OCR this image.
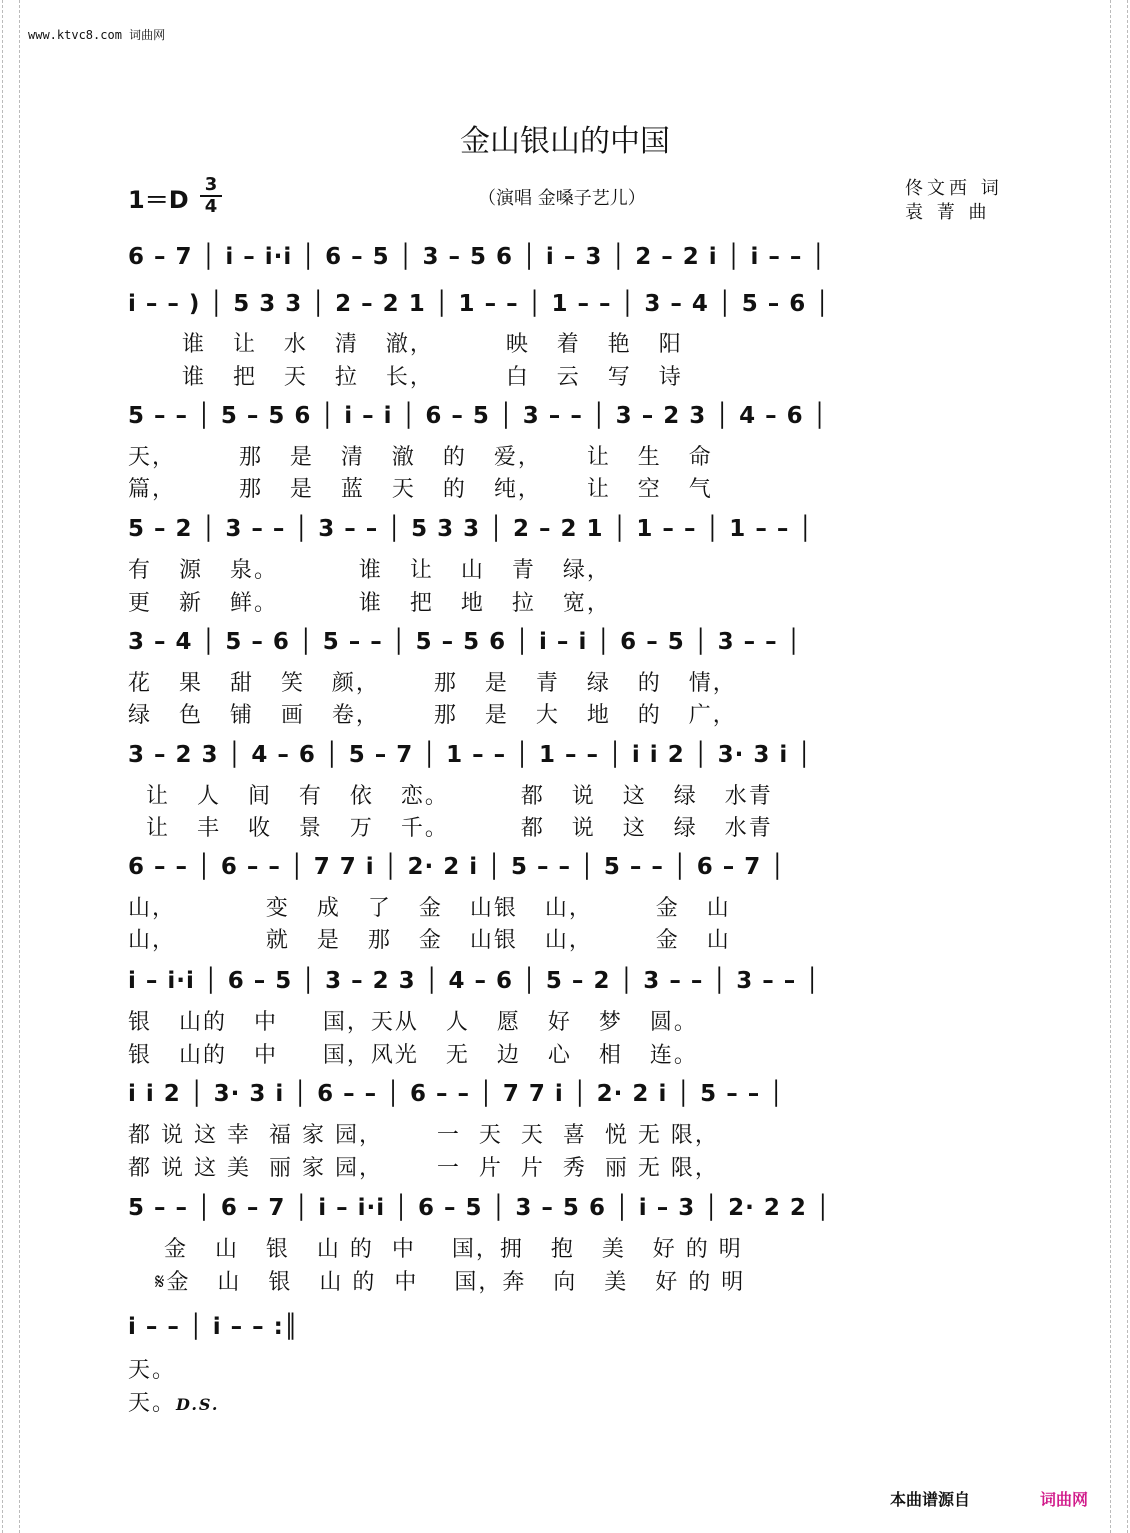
www.ktvc8.com 词曲网
金山银山的中国
1＝D
3
4	（演唱 金嗓子艺儿）	佟文西 词
袁 菁 曲
6 – 7 │ i – i·i │ 6 – 5 │ 3 – 5 6 │ i – 3 │ 2 – 2 i │ i – – │
i – – ) │ 5 3 3 │ 2 – 2 1 │ 1 – – │ 1 – – │ 3 – 4 │ 5 – 6 │
谁   让   水   清   澈，        映   着   艳   阳
谁   把   天   拉   长，        白   云   写   诗
5 – – │ 5 – 5 6 │ i – i │ 6 – 5 │ 3 – – │ 3 – 2 3 │ 4 – 6 │
天，       那   是   清   澈   的   爱，     让   生   命
篇，       那   是   蓝   天   的   纯，     让   空   气
5 – 2 │ 3 – – │ 3 – – │ 5 3 3 │ 2 – 2 1 │ 1 – – │ 1 – – │
有   源   泉。         谁   让   山   青   绿，
更   新   鲜。         谁   把   地   拉   宽，
3 – 4 │ 5 – 6 │ 5 – – │ 5 – 5 6 │ i – i │ 6 – 5 │ 3 – – │
花   果   甜   笑   颜，      那   是   青   绿   的   情，
绿   色   铺   画   卷，      那   是   大   地   的   广，
3 – 2 3 │ 4 – 6 │ 5 – 7 │ 1 – – │ 1 – – │ i i 2 │ 3· 3 i │
让   人   间   有   依   恋。        都   说   这   绿   水青
让   丰   收   景   万   千。        都   说   这   绿   水青
6 – – │ 6 – – │ 7 7 i │ 2· 2 i │ 5 – – │ 5 – – │ 6 – 7 │
山，          变   成   了   金   山银   山，       金   山
山，          就   是   那   金   山银   山，       金   山
i – i·i │ 6 – 5 │ 3 – 2 3 │ 4 – 6 │ 5 – 2 │ 3 – – │ 3 – – │
银   山的   中     国，天从   人   愿   好   梦   圆。
银   山的   中     国，风光   无   边   心   相   连。
i i 2 │ 3· 3 i │ 6 – – │ 6 – – │ 7 7 i │ 2· 2 i │ 5 – – │
都 说 这 幸  福 家 园，      一  天  天  喜  悦 无 限，
都 说 这 美  丽 家 园，      一  片  片  秀  丽 无 限，
5 – – │ 6 – 7 │ i – i·i │ 6 – 5 │ 3 – 5 6 │ i – 3 │ 2· 2 2 │
金   山   银   山 的  中    国，拥   抱   美   好 的 明
𝄋金   山   银   山 的  中    国，奔   向   美   好 的 明
i – – │ i – – :║
天。
天。D.S.
本曲谱源自	词曲网
